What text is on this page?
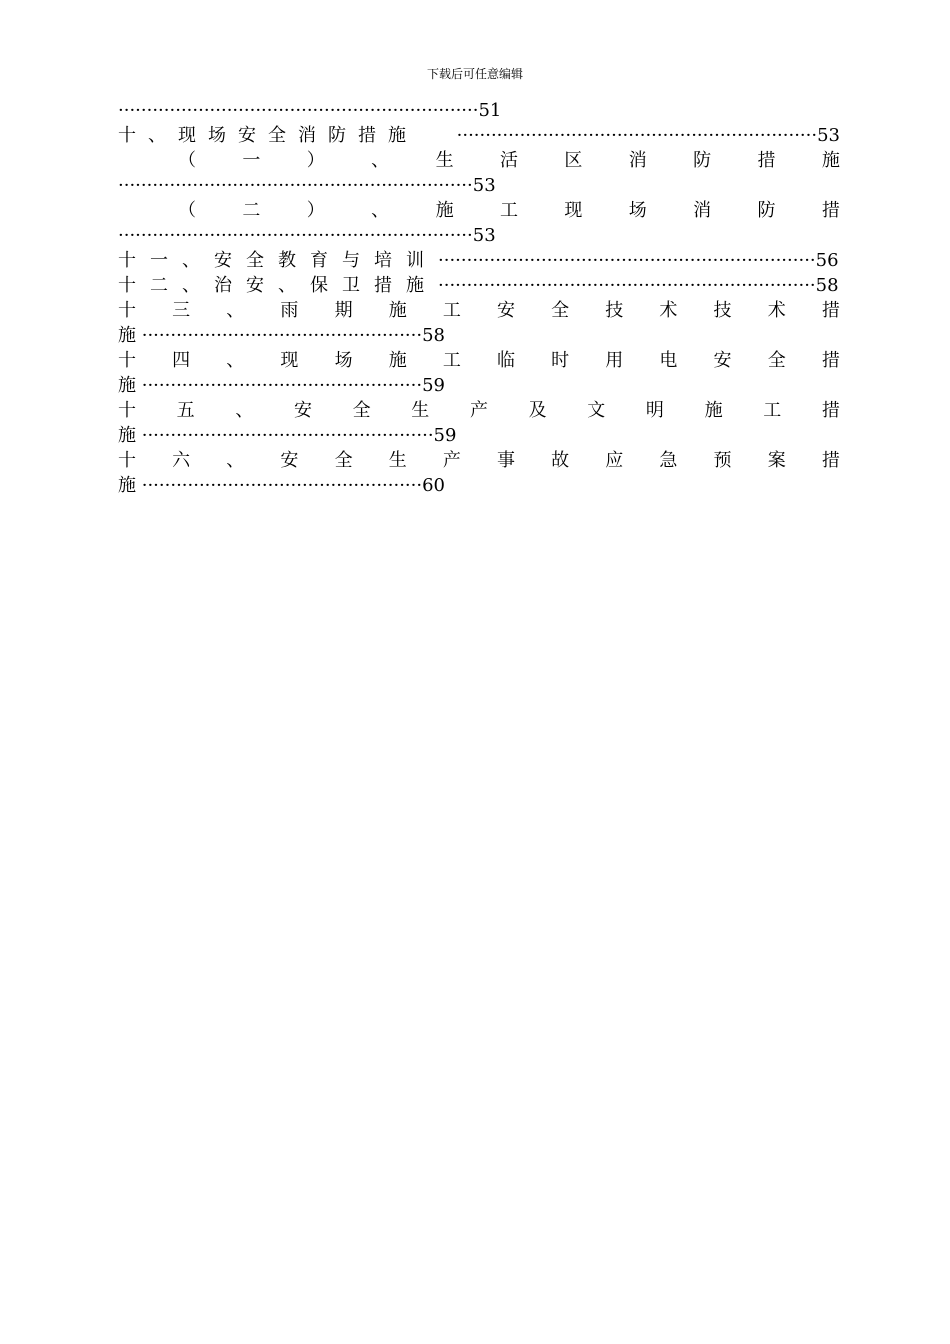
下载后可任意编辑
·······························································51
十、现场安全消防措施 ·······························································53
（	一	）	、	生	活	区	消	防	措	施
······························································53
（	二	）	、	施	工	现	场	消	防	措
······························································53
十一、安全教育与培训··································································56
十二、治安、保卫措施··································································58
十 三 、 雨 期 施 工 安 全 技 术 技 术 措
施 ·················································58
十 四 、 现 场 施 工 临 时 用 电 安 全 措
施 ·················································59
十 五 、 安 全 生 产 及 文 明 施 工 措
施 ···················································59
十 六 、 安 全 生 产 事 故 应 急 预 案 措
施 ·················································60
